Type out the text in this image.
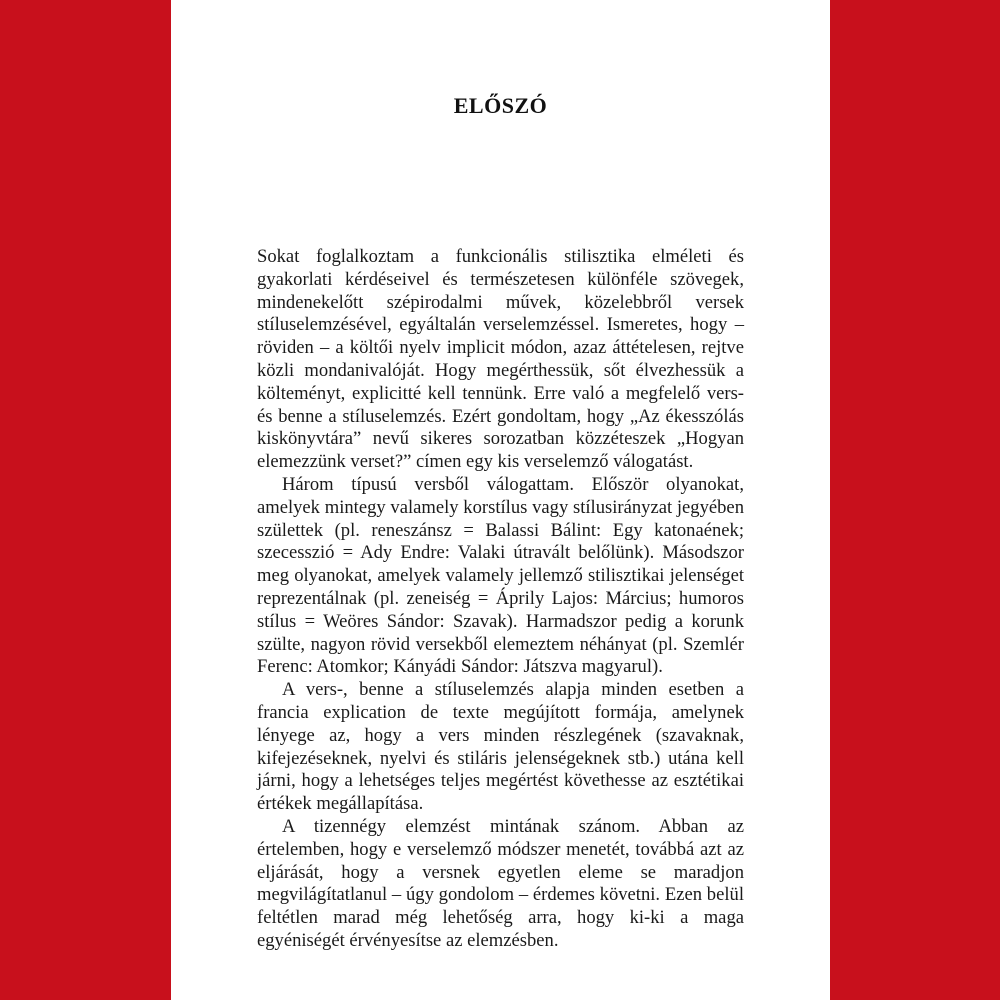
ELŐSZÓ

Sokat foglalkoztam a funkcionális stilisztika elméleti és gyakorlati kérdéseivel és természetesen különféle szövegek, mindenekelőtt szépirodalmi művek, közelebbről versek stíluselemzésével, egyáltalán verselemzéssel. Ismeretes, hogy – röviden – a költői nyelv implicit módon, azaz áttételesen, rejtve közli mondanivalóját. Hogy megérthessük, sőt élvezhessük a költeményt, explicitté kell tennünk. Erre való a megfelelő vers- és benne a stíluselemzés. Ezért gondoltam, hogy „Az ékesszólás kiskönyvtára” nevű sikeres sorozatban közzéteszek „Hogyan elemezzünk verset?” címen egy kis verselemző válogatást.

Három típusú versből válogattam. Először olyanokat, amelyek mintegy valamely korstílus vagy stílusirányzat jegyében születtek (pl. reneszánsz = Balassi Bálint: Egy katonaének; szecesszió = Ady Endre: Valaki útravált belőlünk). Másodszor meg olyanokat, amelyek valamely jellemző stilisztikai jelenséget reprezentálnak (pl. zeneiség = Áprily Lajos: Március; humoros stílus = Weöres Sándor: Szavak). Harmadszor pedig a korunk szülte, nagyon rövid versekből elemeztem néhányat (pl. Szemlér Ferenc: Atomkor; Kányádi Sándor: Játszva magyarul).

A vers-, benne a stíluselemzés alapja minden esetben a francia explication de texte megújított formája, amelynek lényege az, hogy a vers minden részlegének (szavaknak, kifejezéseknek, nyelvi és stiláris jelenségeknek stb.) utána kell járni, hogy a lehetséges teljes megértést követhesse az esztétikai értékek megállapítása.

A tizennégy elemzést mintának szánom. Abban az értelemben, hogy e verselemző módszer menetét, továbbá azt az eljárását, hogy a versnek egyetlen eleme se maradjon megvilágítatlanul – úgy gondolom – érdemes követni. Ezen belül feltétlen marad még lehetőség arra, hogy ki-ki a maga egyéniségét érvényesítse az elemzésben.
